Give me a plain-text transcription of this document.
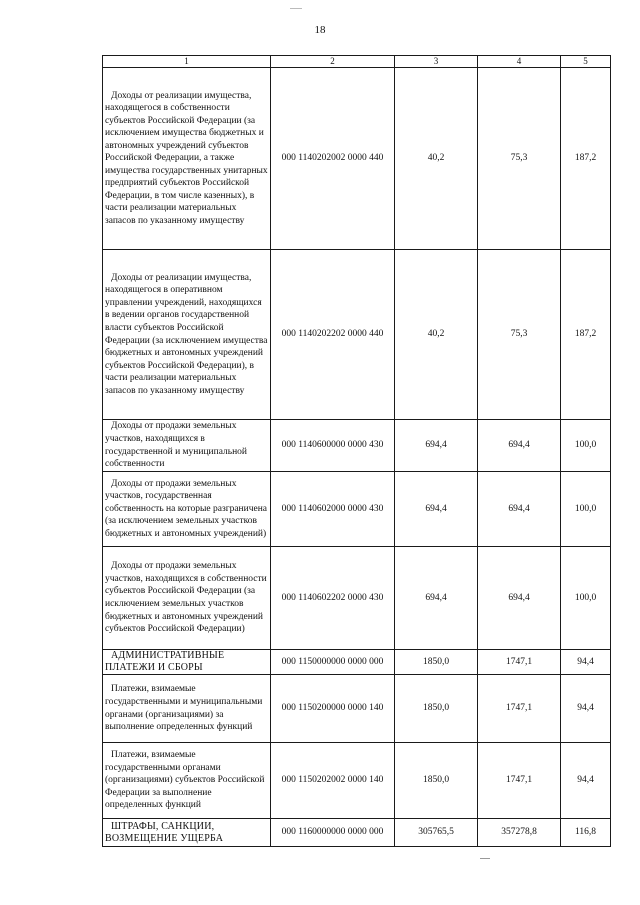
18
1	2	3	4	5
Доходы от реализации имущества, находящегося в собственности субъектов Российской Федерации (за исключением имущества бюджетных и автономных учреждений субъектов Российской Федерации, а также имущества государственных унитарных предприятий субъектов Российской Федерации, в том числе казенных), в части реализации материальных запасов по указанному имуществу	000 1140202002 0000 440	40,2	75,3	187,2
Доходы от реализации имущества, находящегося в оперативном управлении учреждений, находящихся в ведении органов государственной власти субъектов Российской Федерации (за исключением имущества бюджетных и автономных учреждений субъектов Российской Федерации), в части реализации материальных запасов по указанному имуществу	000 1140202202 0000 440	40,2	75,3	187,2
Доходы от продажи земельных участков, находящихся в государственной и муниципальной собственности	000 1140600000 0000 430	694,4	694,4	100,0
Доходы от продажи земельных участков, государственная собственность на которые разграничена (за исключением земельных участков бюджетных и автономных учреждений)	000 1140602000 0000 430	694,4	694,4	100,0
Доходы от продажи земельных участков, находящихся в собственности субъектов Российской Федерации (за исключением земельных участков бюджетных и автономных учреждений субъектов Российской Федерации)	000 1140602202 0000 430	694,4	694,4	100,0
АДМИНИСТРАТИВНЫЕ ПЛАТЕЖИ И СБОРЫ	000 1150000000 0000 000	1850,0	1747,1	94,4
Платежи, взимаемые государственными и муниципальными органами (организациями) за выполнение определенных функций	000 1150200000 0000 140	1850,0	1747,1	94,4
Платежи, взимаемые государственными органами (организациями) субъектов Российской Федерации за выполнение определенных функций	000 1150202002 0000 140	1850,0	1747,1	94,4
ШТРАФЫ, САНКЦИИ, ВОЗМЕЩЕНИЕ УЩЕРБА	000 1160000000 0000 000	305765,5	357278,8	116,8
